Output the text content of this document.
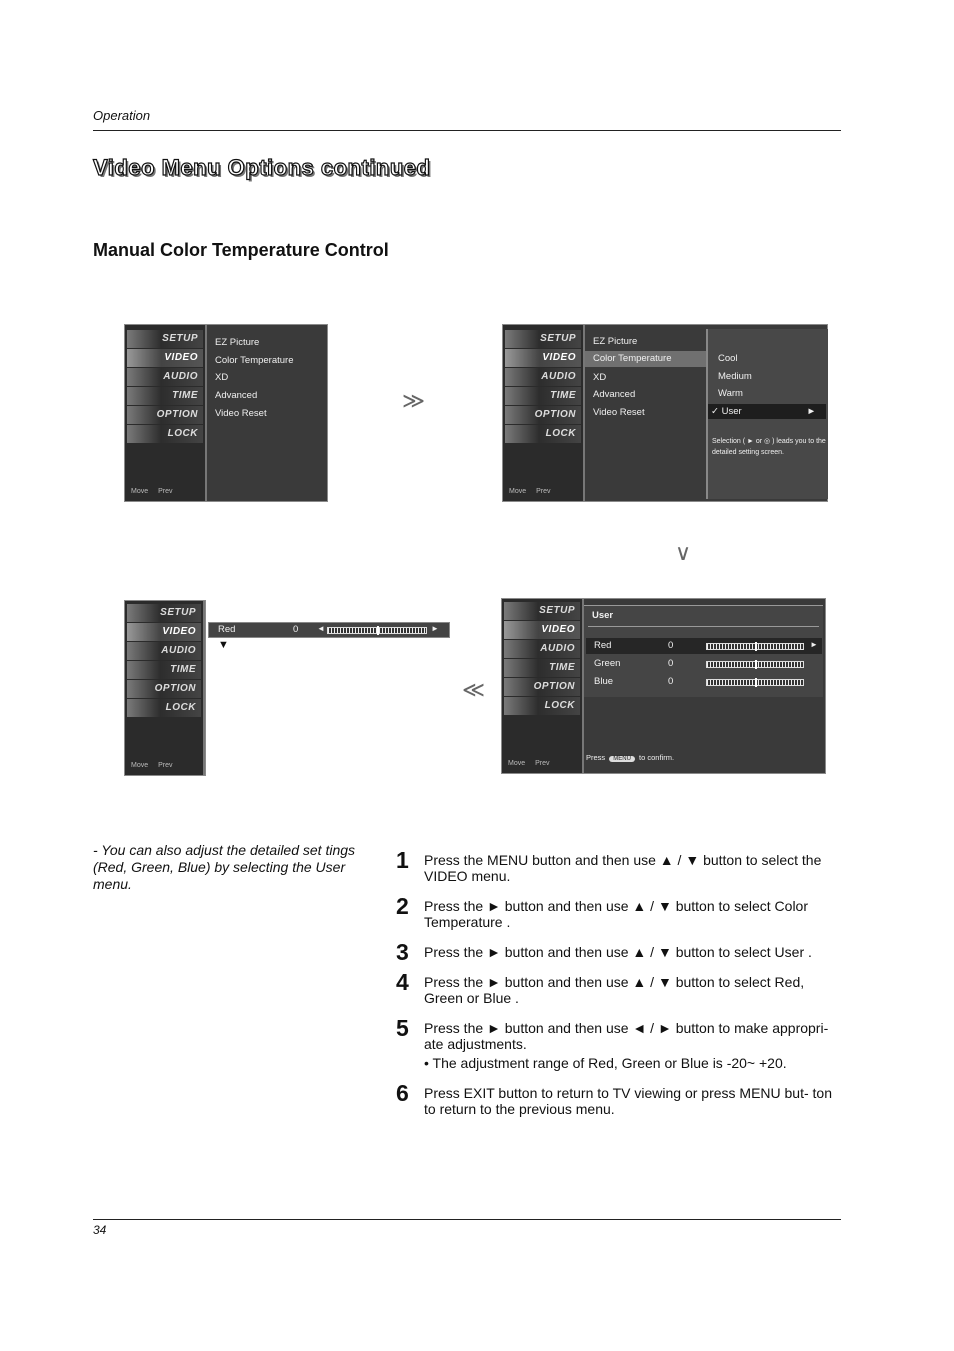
Operation
Video Menu Options continued
Manual Color Temperature Control
SETUP
VIDEO
AUDIO
TIME
OPTION
LOCK
Move Prev
EZ Picture
Color Temperature
XD
Advanced
Video Reset
≫
SETUP
VIDEO
AUDIO
TIME
OPTION
LOCK
Move Prev
EZ Picture
Color Temperature
XD
Advanced
Video Reset
Cool
Medium
Warm
✓ User	►
Selection ( ► or ◎ ) leads you to the detailed setting screen.
∨
SETUP
VIDEO
AUDIO
TIME
OPTION
LOCK
Move Prev
User
Red	0	►
Green	0
Blue	0
Press MENU to confirm.
≪
SETUP
VIDEO
AUDIO
TIME
OPTION
LOCK
Move Prev
Red	0 ◄	►
▼
- You can also adjust the detailed set tings (Red, Green, Blue) by selecting the User menu.
1 Press the MENU button and then use ▲ / ▼ button to select the VIDEO menu.
2 Press the ► button and then use ▲ / ▼ button to select Color Temperature .
3 Press the ► button and then use ▲ / ▼ button to select User .
4 Press the ► button and then use ▲ / ▼ button to select Red, Green or Blue .
5 Press the ► button and then use ◄ / ► button to make appropri- ate adjustments.
• The adjustment range of Red, Green or Blue is -20~ +20.
6 Press EXIT button to return to TV viewing or press MENU but- ton to return to the previous menu.
34
